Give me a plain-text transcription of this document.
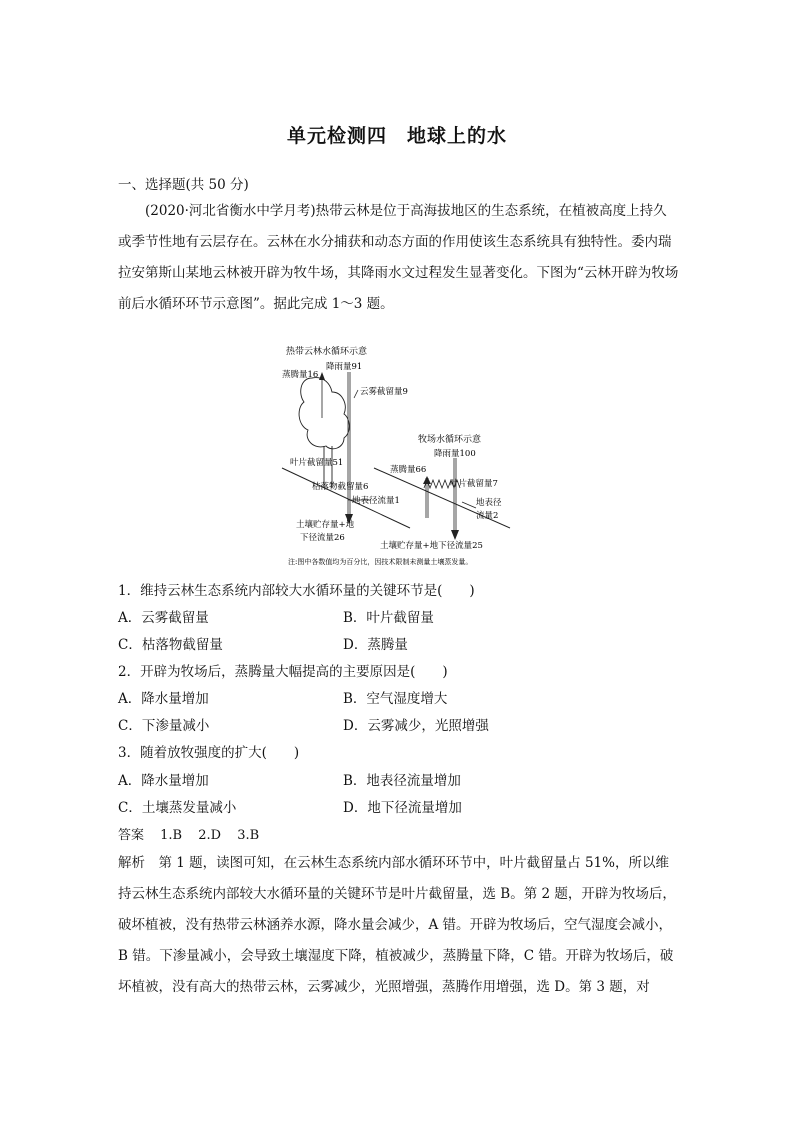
单元检测四　地球上的水
一、选择题(共 50 分)

(2020·河北省衡水中学月考)热带云林是位于高海拔地区的生态系统，在植被高度上持久或季节性地有云层存在。云林在水分捕获和动态方面的作用使该生态系统具有独特性。委内瑞拉安第斯山某地云林被开辟为牧牛场，其降雨水文过程发生显著变化。下图为“云林开辟为牧场前后水循环环节示意图”。据此完成 1～3 题。

热带云林水循环示意
降雨量91
蒸腾量16
云雾截留量9
叶片截留量51
枯落物截留量6
地表径流量1
土壤贮存量+地
下径流量26
牧场水循环示意
降雨量100
蒸腾量66
叶片截留量7
地表径
流量2
土壤贮存量+地下径流量25
注:图中各数值均为百分比，因技术限制未测量土壤蒸发量。
1．维持云林生态系统内部较大水循环量的关键环节是(　　)
A．云雾截留量	B．叶片截留量
C．枯落物截留量	D．蒸腾量
2．开辟为牧场后，蒸腾量大幅提高的主要原因是(　　)
A．降水量增加	B．空气湿度增大
C．下渗量减小	D．云雾减少，光照增强
3．随着放牧强度的扩大(　　)
A．降水量增加	B．地表径流量增加
C．土壤蒸发量减小	D．地下径流量增加
答案 1.B 2.D 3.B

解析　 第 1 题，读图可知，在云林生态系统内部水循环环节中，叶片截留量占 51%，所以维持云林生态系统内部较大水循环量的关键环节是叶片截留量，选 B。第 2 题，开辟为牧场后，破坏植被，没有热带云林涵养水源，降水量会减少，A 错。开辟为牧场后，空气湿度会减小，B 错。下渗量减小，会导致土壤湿度下降，植被减少，蒸腾量下降，C 错。开辟为牧场后，破坏植被，没有高大的热带云林，云雾减少，光照增强，蒸腾作用增强，选 D。第 3 题，对
